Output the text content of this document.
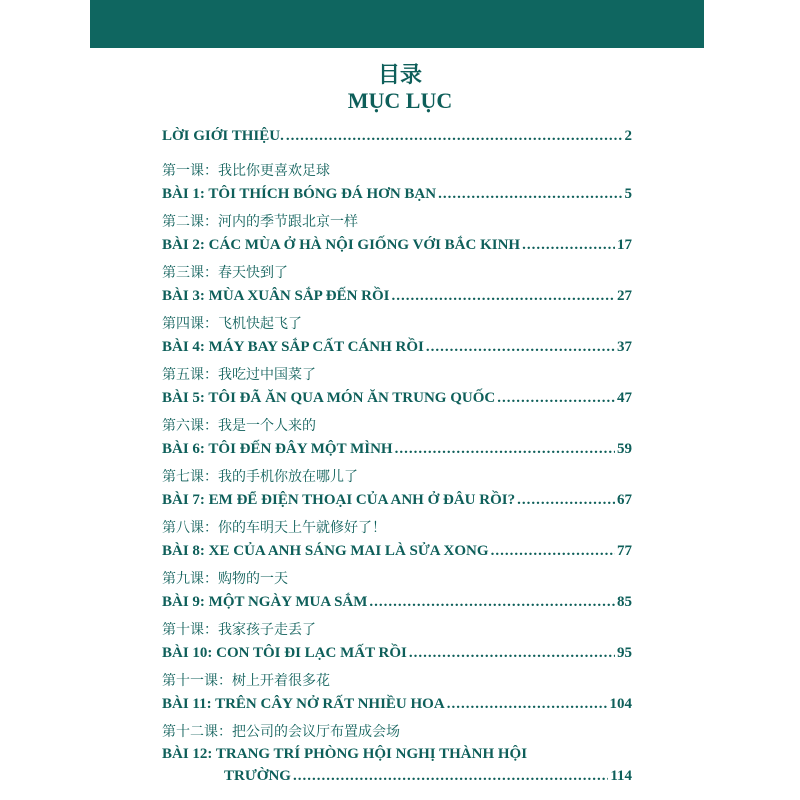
目录
MỤC LỤC
LỜI GIỚI THIỆU. .....	2
第一课：我比你更喜欢足球
BÀI 1: TÔI THÍCH BÓNG ĐÁ HƠN BẠN .....	5
第二课：河内的季节跟北京一样
BÀI 2: CÁC MÙA Ở HÀ NỘI GIỐNG VỚI BẮC KINH .....	17
第三课：春天快到了
BÀI 3: MÙA XUÂN SẮP ĐẾN RỒI .....	27
第四课：飞机快起飞了
BÀI 4: MÁY BAY SẮP CẤT CÁNH RỒI .....	37
第五课：我吃过中国菜了
BÀI 5: TÔI ĐÃ ĂN QUA MÓN ĂN TRUNG QUỐC .....	47
第六课：我是一个人来的
BÀI 6: TÔI ĐẾN ĐÂY MỘT MÌNH .....	59
第七课：我的手机你放在哪儿了
BÀI 7: EM ĐỂ ĐIỆN THOẠI CỦA ANH Ở ĐÂU RỒI? .....	67
第八课：你的车明天上午就修好了！
BÀI 8: XE CỦA ANH SÁNG MAI LÀ SỬA XONG .....	77
第九课：购物的一天
BÀI 9: MỘT NGÀY MUA SẮM .....	85
第十课：我家孩子走丢了
BÀI 10: CON TÔI ĐI LẠC MẤT RỒI .....	95
第十一课：树上开着很多花
BÀI 11: TRÊN CÂY NỞ RẤT NHIỀU HOA .....	104
第十二课：把公司的会议厅布置成会场
BÀI 12: TRANG TRÍ PHÒNG HỘI NGHỊ THÀNH HỘI
TRƯỜNG .....	114
